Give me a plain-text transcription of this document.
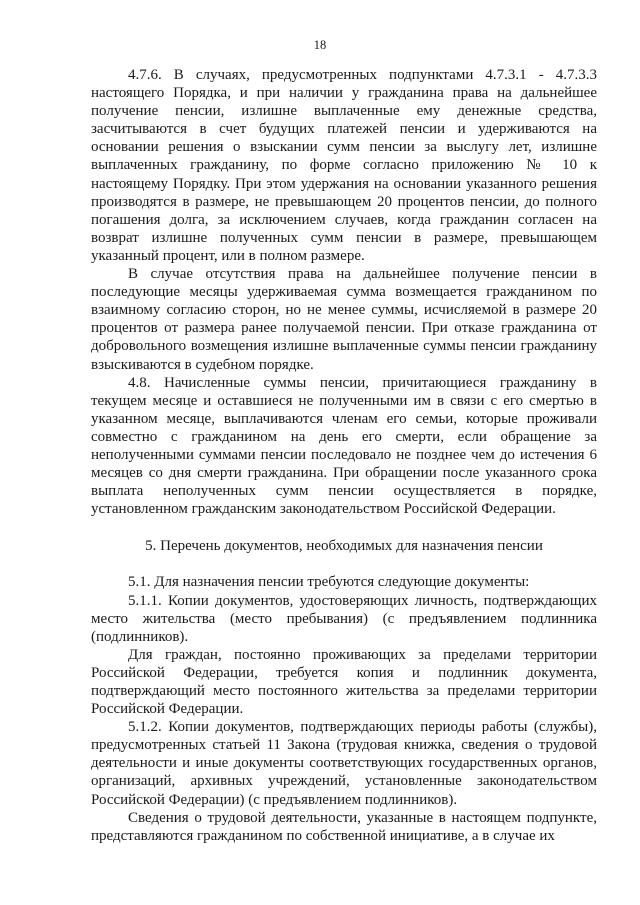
18

4.7.6. В случаях, предусмотренных подпунктами 4.7.3.1 - 4.7.3.3 настоящего Порядка, и при наличии у гражданина права на дальнейшее получение пенсии, излишне выплаченные ему денежные средства, засчитываются в счет будущих платежей пенсии и удерживаются на основании решения о взыскании сумм пенсии за выслугу лет, излишне выплаченных гражданину, по форме согласно приложению № 10 к настоящему Порядку. При этом удержания на основании указанного решения производятся в размере, не превышающем 20 процентов пенсии, до полного погашения долга, за исключением случаев, когда гражданин согласен на возврат излишне полученных сумм пенсии в размере, превышающем указанный процент, или в полном размере.

В случае отсутствия права на дальнейшее получение пенсии в последующие месяцы удерживаемая сумма возмещается гражданином по взаимному согласию сторон, но не менее суммы, исчисляемой в размере 20 процентов от размера ранее получаемой пенсии. При отказе гражданина от добровольного возмещения излишне выплаченные суммы пенсии гражданину взыскиваются в судебном порядке.

4.8. Начисленные суммы пенсии, причитающиеся гражданину в текущем месяце и оставшиеся не полученными им в связи с его смертью в указанном месяце, выплачиваются членам его семьи, которые проживали совместно с гражданином на день его смерти, если обращение за неполученными суммами пенсии последовало не позднее чем до истечения 6 месяцев со дня смерти гражданина. При обращении после указанного срока выплата неполученных сумм пенсии осуществляется в порядке, установленном гражданским законодательством Российской Федерации.

5. Перечень документов, необходимых для назначения пенсии

5.1. Для назначения пенсии требуются следующие документы:

5.1.1. Копии документов, удостоверяющих личность, подтверждающих место жительства (место пребывания) (с предъявлением подлинника (подлинников).

Для граждан, постоянно проживающих за пределами территории Российской Федерации, требуется копия и подлинник документа, подтверждающий место постоянного жительства за пределами территории Российской Федерации.

5.1.2. Копии документов, подтверждающих периоды работы (службы), предусмотренных статьей 11 Закона (трудовая книжка, сведения о трудовой деятельности и иные документы соответствующих государственных органов, организаций, архивных учреждений, установленные законодательством Российской Федерации) (с предъявлением подлинников).

Сведения о трудовой деятельности, указанные в настоящем подпункте, представляются гражданином по собственной инициативе, а в случае их
